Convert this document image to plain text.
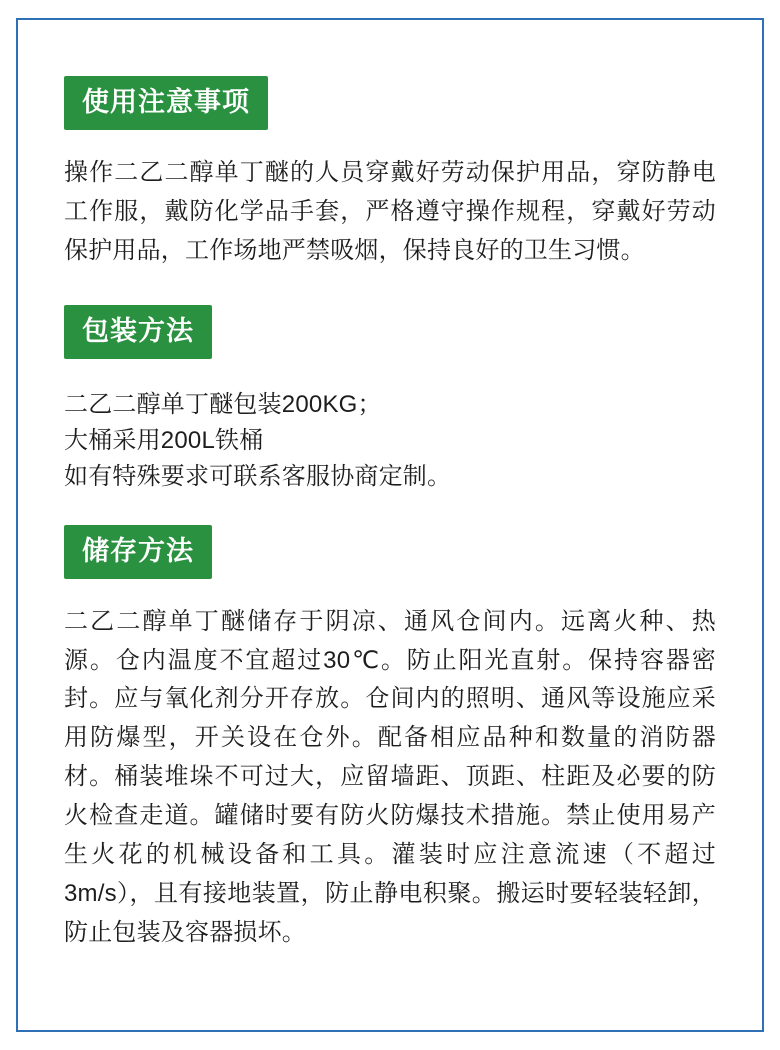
使用注意事项

操作二乙二醇单丁醚的人员穿戴好劳动保护用品，穿防静电工作服，戴防化学品手套，严格遵守操作规程，穿戴好劳动保护用品，工作场地严禁吸烟，保持良好的卫生习惯。

包装方法

二乙二醇单丁醚包装200KG；
大桶采用200L铁桶
如有特殊要求可联系客服协商定制。

储存方法

二乙二醇单丁醚储存于阴凉、通风仓间内。远离火种、热源。仓内温度不宜超过30℃。防止阳光直射。保持容器密封。应与氧化剂分开存放。仓间内的照明、通风等设施应采用防爆型，开关设在仓外。配备相应品种和数量的消防器材。桶装堆垛不可过大，应留墙距、顶距、柱距及必要的防火检查走道。罐储时要有防火防爆技术措施。禁止使用易产生火花的机械设备和工具。灌装时应注意流速（不超过3m/s），且有接地装置，防止静电积聚。搬运时要轻装轻卸，防止包装及容器损坏。
